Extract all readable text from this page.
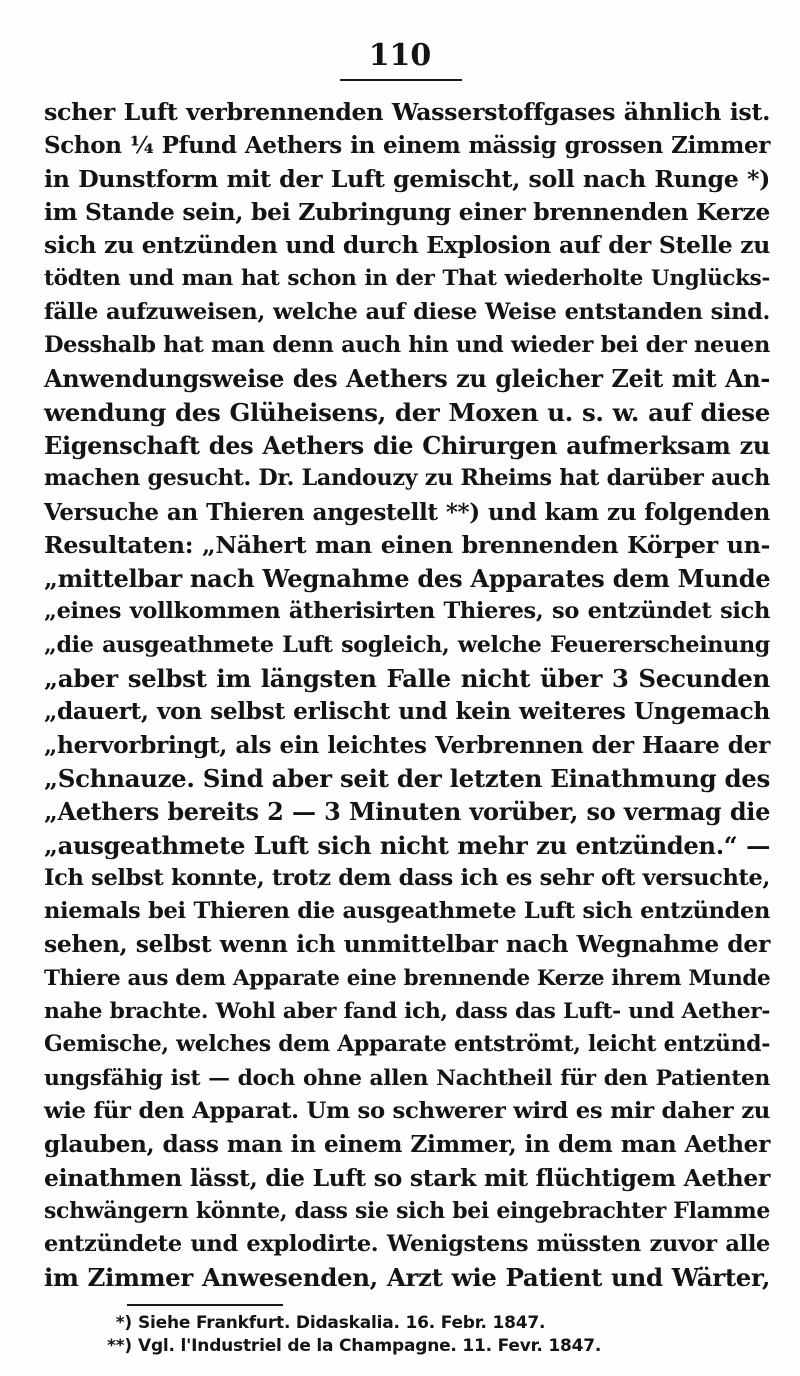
110
scher Luft verbrennenden Wasserstoffgases ähnlich ist.
Schon ¼ Pfund Aethers in einem mässig grossen Zimmer
in Dunstform mit der Luft gemischt, soll nach Runge *)
im Stande sein, bei Zubringung einer brennenden Kerze
sich zu entzünden und durch Explosion auf der Stelle zu
tödten und man hat schon in der That wiederholte Unglücks-
fälle aufzuweisen, welche auf diese Weise entstanden sind.
Desshalb hat man denn auch hin und wieder bei der neuen
Anwendungsweise des Aethers zu gleicher Zeit mit An-
wendung des Glüheisens, der Moxen u. s. w. auf diese
Eigenschaft des Aethers die Chirurgen aufmerksam zu
machen gesucht. Dr. Landouzy zu Rheims hat darüber auch
Versuche an Thieren angestellt **) und kam zu folgenden
Resultaten: „Nähert man einen brennenden Körper un-
„mittelbar nach Wegnahme des Apparates dem Munde
„eines vollkommen ätherisirten Thieres, so entzündet sich
„die ausgeathmete Luft sogleich, welche Feuererscheinung
„aber selbst im längsten Falle nicht über 3 Secunden
„dauert, von selbst erlischt und kein weiteres Ungemach
„hervorbringt, als ein leichtes Verbrennen der Haare der
„Schnauze. Sind aber seit der letzten Einathmung des
„Aethers bereits 2 — 3 Minuten vorüber, so vermag die
„ausgeathmete Luft sich nicht mehr zu entzünden.“ —
Ich selbst konnte, trotz dem dass ich es sehr oft versuchte,
niemals bei Thieren die ausgeathmete Luft sich entzünden
sehen, selbst wenn ich unmittelbar nach Wegnahme der
Thiere aus dem Apparate eine brennende Kerze ihrem Munde
nahe brachte. Wohl aber fand ich, dass das Luft- und Aether-
Gemische, welches dem Apparate entströmt, leicht entzünd-
ungsfähig ist — doch ohne allen Nachtheil für den Patienten
wie für den Apparat. Um so schwerer wird es mir daher zu
glauben, dass man in einem Zimmer, in dem man Aether
einathmen lässt, die Luft so stark mit flüchtigem Aether
schwängern könnte, dass sie sich bei eingebrachter Flamme
entzündete und explodirte. Wenigstens müssten zuvor alle
im Zimmer Anwesenden, Arzt wie Patient und Wärter,
*) Siehe Frankfurt. Didaskalia. 16. Febr. 1847.
**) Vgl. l'Industriel de la Champagne. 11. Fevr. 1847.
